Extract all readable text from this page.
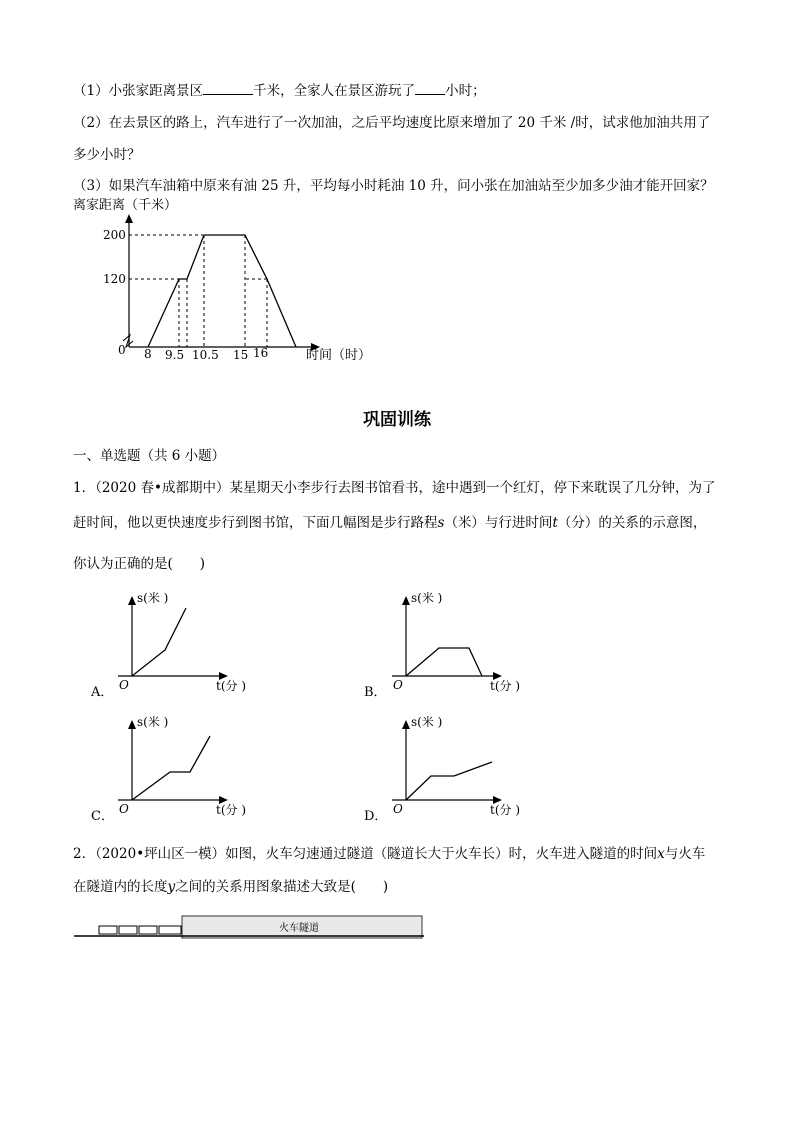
（1）小张家距离景区	千米，全家人在景区游玩了 小时；
（2）在去景区的路上，汽车进行了一次加油，之后平均速度比原来增加了 20 千米 /时，试求他加油共用了
多少小时？
（3）如果汽车油箱中原来有油 25 升，平均每小时耗油 10 升，问小张在加油站至少加多少油才能开回家？
离家距离（千米）
200
120
0 8 9.5 10.5 15 16	时间（时）
巩固训练
一、单选题（共 6 小题）
1．（2020 春•成都期中）某星期天小李步行去图书馆看书，途中遇到一个红灯，停下来耽误了几分钟，为了
赶时间，他以更快速度步行到图书馆，下面几幅图是步行路程s（米）与行进时间t（分）的关系的示意图，
你认为正确的是(　　)
A．
s(米 )
t(分 )
O	B．
s(米 )
t(分 )
O
C．
s(米 )
t(分 )
O	D．
s(米 )
t(分 )
O
2．（2020•坪山区一模）如图，火车匀速通过隧道（隧道长大于火车长）时，火车进入隧道的时间x与火车
在隧道内的长度y之间的关系用图象描述大致是(　　)
火车隧道
